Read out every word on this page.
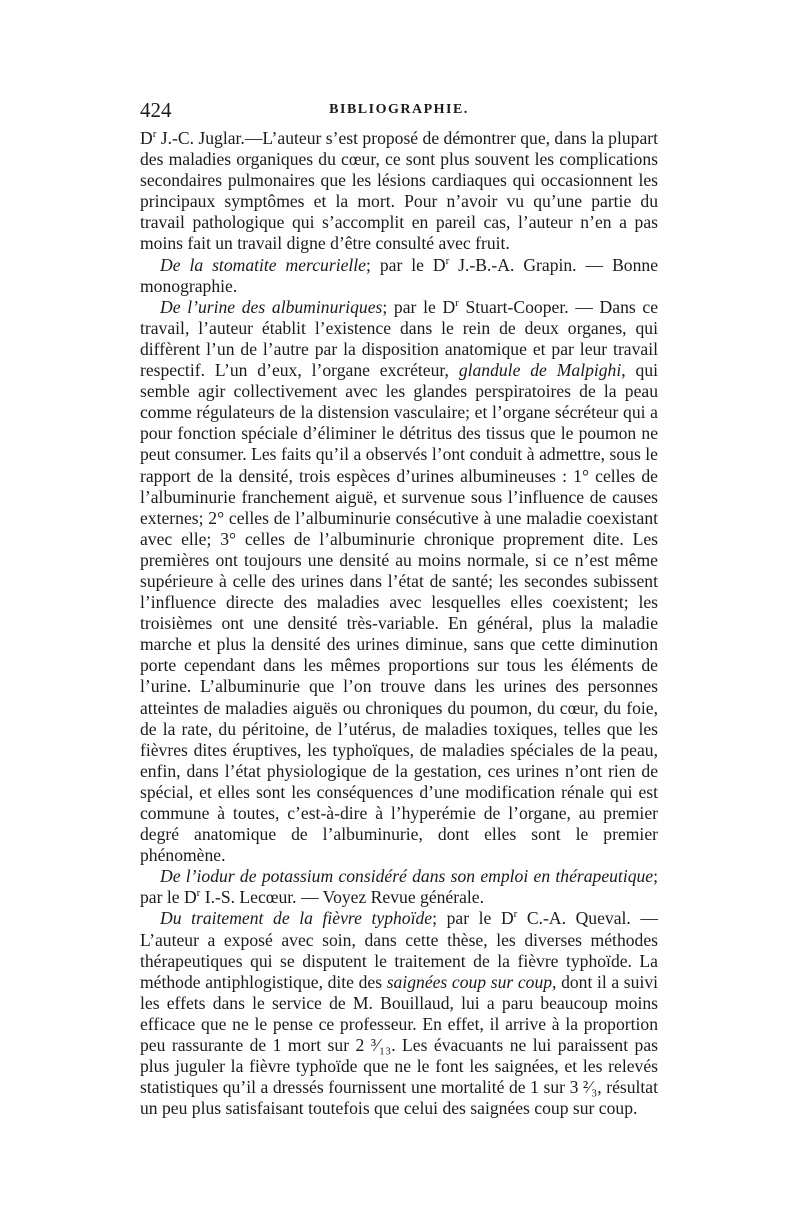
424	BIBLIOGRAPHIE.

$D^r$ J.-C. Juglar.—L’auteur s’est proposé de démontrer que, dans la plupart des maladies organiques du cœur, ce sont plus souvent les complications secondaires pulmonaires que les lésions cardiaques qui occasionnent les principaux symptômes et la mort. Pour n’avoir vu qu’une partie du travail pathologique qui s’accomplit en pareil cas, l’auteur n’en a pas moins fait un travail digne d’être consulté avec fruit.

De la stomatite mercurielle; par le $D^r$ J.-B.-A. Grapin. — Bonne monographie.

De l’urine des albuminuriques; par le $D^r$ Stuart-Cooper. — Dans ce travail, l’auteur établit l’existence dans le rein de deux organes, qui diffèrent l’un de l’autre par la disposition anatomique et par leur travail respectif. L’un d’eux, l’organe excréteur, glandule de Malpighi, qui semble agir collectivement avec les glandes perspiratoires de la peau comme régulateurs de la distension vasculaire; et l’organe sécréteur qui a pour fonction spéciale d’éliminer le détritus des tissus que le poumon ne peut consumer. Les faits qu’il a observés l’ont conduit à admettre, sous le rapport de la densité, trois espèces d’urines albumineuses : 1° celles de l’albuminurie franchement aiguë, et survenue sous l’influence de causes externes; 2° celles de l’albuminurie consécutive à une maladie coexistant avec elle; 3° celles de l’albuminurie chronique proprement dite. Les premières ont toujours une densité au moins normale, si ce n’est même supérieure à celle des urines dans l’état de santé; les secondes subissent l’influence directe des maladies avec lesquelles elles coexistent; les troisièmes ont une densité très-variable. En général, plus la maladie marche et plus la densité des urines diminue, sans que cette diminution porte cependant dans les mêmes proportions sur tous les éléments de l’urine. L’albuminurie que l’on trouve dans les urines des personnes atteintes de maladies aiguës ou chroniques du poumon, du cœur, du foie, de la rate, du péritoine, de l’utérus, de maladies toxiques, telles que les fièvres dites éruptives, les typhoïques, de maladies spéciales de la peau, enfin, dans l’état physiologique de la gestation, ces urines n’ont rien de spécial, et elles sont les conséquences d’une modification rénale qui est commune à toutes, c’est-à-dire à l’hyperémie de l’organe, au premier degré anatomique de l’albuminurie, dont elles sont le premier phénomène.

De l’iodur de potassium considéré dans son emploi en thérapeutique; par le $D^r$ I.-S. Lecœur. — Voyez Revue générale.

Du traitement de la fièvre typhoïde; par le $D^r$ C.-A. Queval. — L’auteur a exposé avec soin, dans cette thèse, les diverses méthodes thérapeutiques qui se disputent le traitement de la fièvre typhoïde. La méthode antiphlogistique, dite des saignées coup sur coup, dont il a suivi les effets dans le service de M. Bouillaud, lui a paru beaucoup moins efficace que ne le pense ce professeur. En effet, il arrive à la proportion peu rassurante de 1 mort sur 2 ³⁄₁₃. Les évacuants ne lui paraissent pas plus juguler la fièvre typhoïde que ne le font les saignées, et les relevés statistiques qu’il a dressés fournissent une mortalité de 1 sur 3 ²⁄₃, résultat un peu plus satisfaisant toutefois que celui des saignées coup sur coup.
